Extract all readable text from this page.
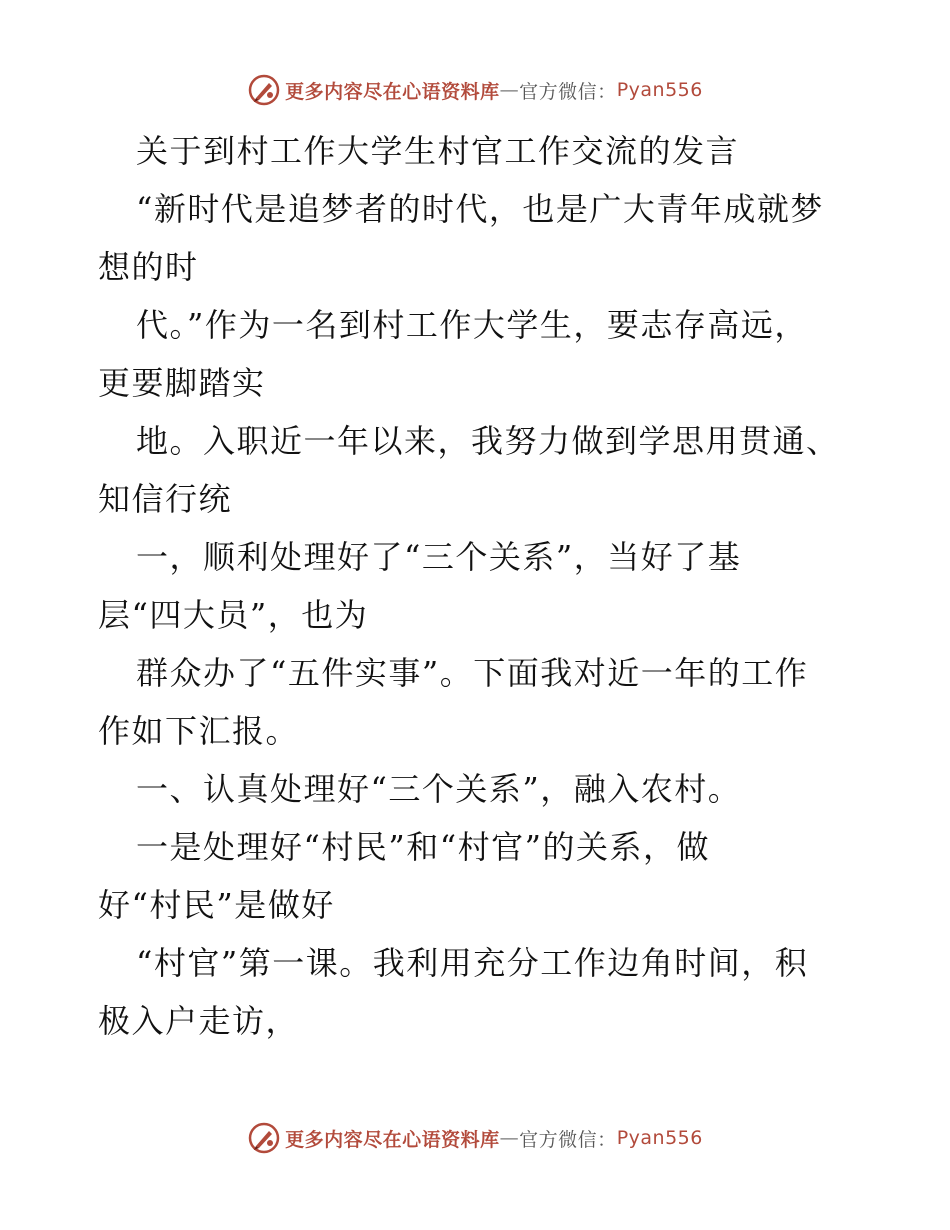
更多内容尽在心语资料库 — 官方微信： Pyan556
关于到村工作大学生村官工作交流的发言
“新时代是追梦者的时代，也是广大青年成就梦
想的时
代。”作为一名到村工作大学生，要志存高远，
更要脚踏实
地。入职近一年以来，我努力做到学思用贯通、
知信行统
一，顺利处理好了“三个关系”，当好了基
层“四大员”，也为
群众办了“五件实事”。下面我对近一年的工作
作如下汇报。
一、认真处理好“三个关系”，融入农村。
一是处理好“村民”和“村官”的关系，做
好“村民”是做好
“村官”第一课。我利用充分工作边角时间，积
极入户走访，
更多内容尽在心语资料库 — 官方微信： Pyan556
